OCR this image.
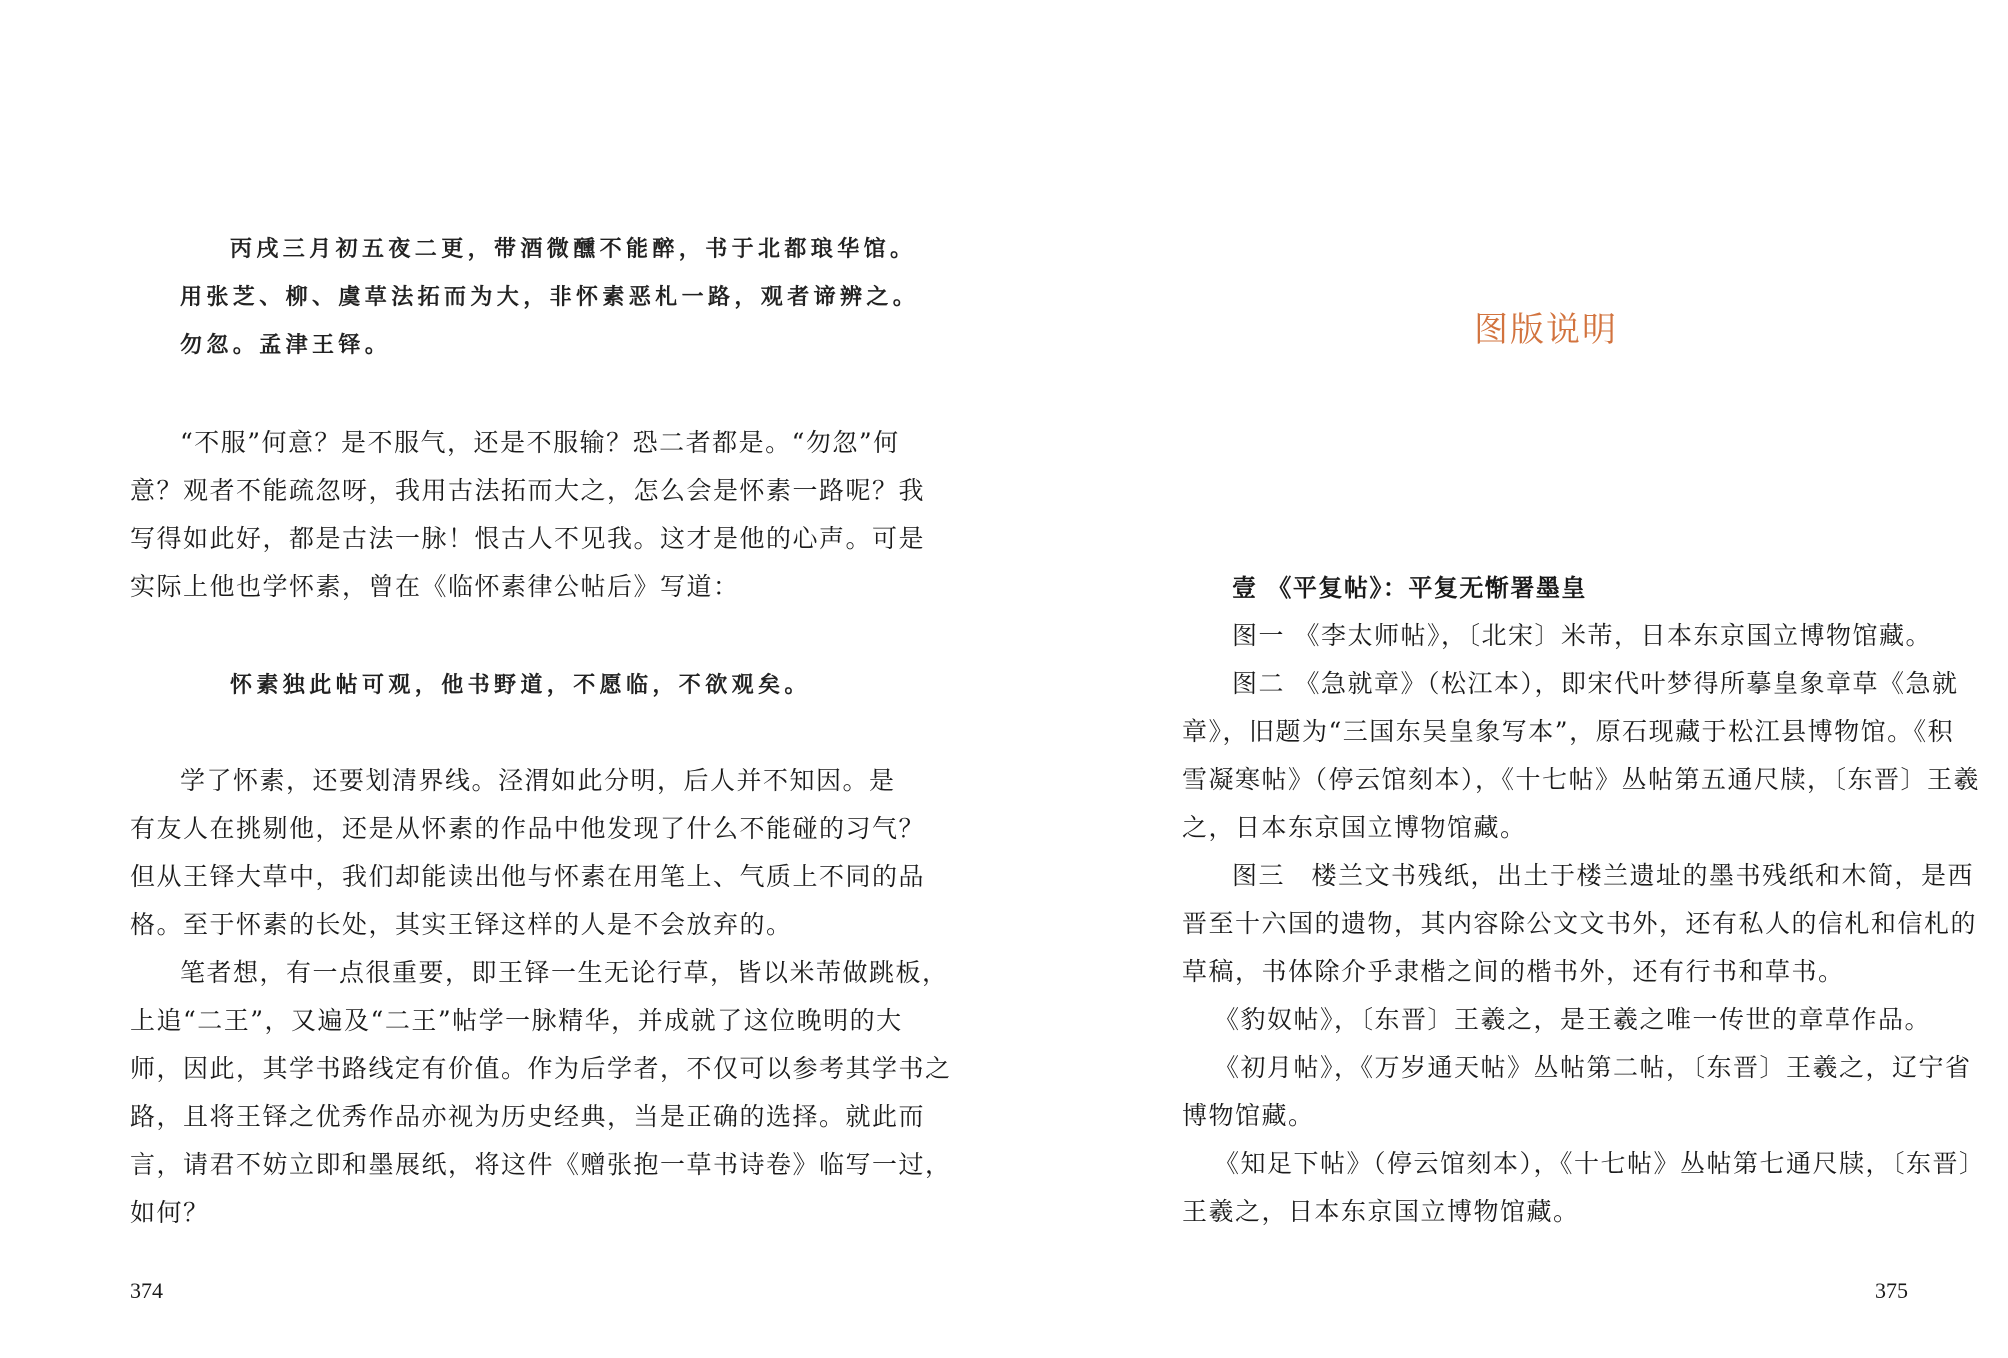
丙戌三月初五夜二更，带酒微醺不能醉，书于北都琅华馆。
用张芝、柳、虞草法拓而为大，非怀素恶札一路，观者谛辨之。
勿忽。孟津王铎。
“不服”何意？是不服气，还是不服输？恐二者都是。“勿忽”何
意？观者不能疏忽呀，我用古法拓而大之，怎么会是怀素一路呢？我
写得如此好，都是古法一脉！恨古人不见我。这才是他的心声。可是
实际上他也学怀素，曾在《临怀素律公帖后》写道：
怀素独此帖可观，他书野道，不愿临，不欲观矣。
学了怀素，还要划清界线。泾渭如此分明，后人并不知因。是
有友人在挑剔他，还是从怀素的作品中他发现了什么不能碰的习气？
但从王铎大草中，我们却能读出他与怀素在用笔上、气质上不同的品
格。至于怀素的长处，其实王铎这样的人是不会放弃的。
笔者想，有一点很重要，即王铎一生无论行草，皆以米芾做跳板，
上追“二王”，又遍及“二王”帖学一脉精华，并成就了这位晚明的大
师，因此，其学书路线定有价值。作为后学者，不仅可以参考其学书之
路，且将王铎之优秀作品亦视为历史经典，当是正确的选择。就此而
言，请君不妨立即和墨展纸，将这件《赠张抱一草书诗卷》临写一过，
如何？
374
图版说明
壹 《平复帖》：平复无惭署墨皇
图一 《李太师帖》，〔北宋〕米芾，日本东京国立博物馆藏。
图二 《急就章》（松江本），即宋代叶梦得所摹皇象章草《急就
章》，旧题为“三国东吴皇象写本”，原石现藏于松江县博物馆。《积
雪凝寒帖》（停云馆刻本），《十七帖》丛帖第五通尺牍，〔东晋〕王羲
之，日本东京国立博物馆藏。
图三　楼兰文书残纸，出土于楼兰遗址的墨书残纸和木简，是西
晋至十六国的遗物，其内容除公文文书外，还有私人的信札和信札的
草稿，书体除介乎隶楷之间的楷书外，还有行书和草书。
《豹奴帖》，〔东晋〕王羲之，是王羲之唯一传世的章草作品。
《初月帖》，《万岁通天帖》丛帖第二帖，〔东晋〕王羲之，辽宁省
博物馆藏。
《知足下帖》（停云馆刻本），《十七帖》丛帖第七通尺牍，〔东晋〕
王羲之，日本东京国立博物馆藏。
375
